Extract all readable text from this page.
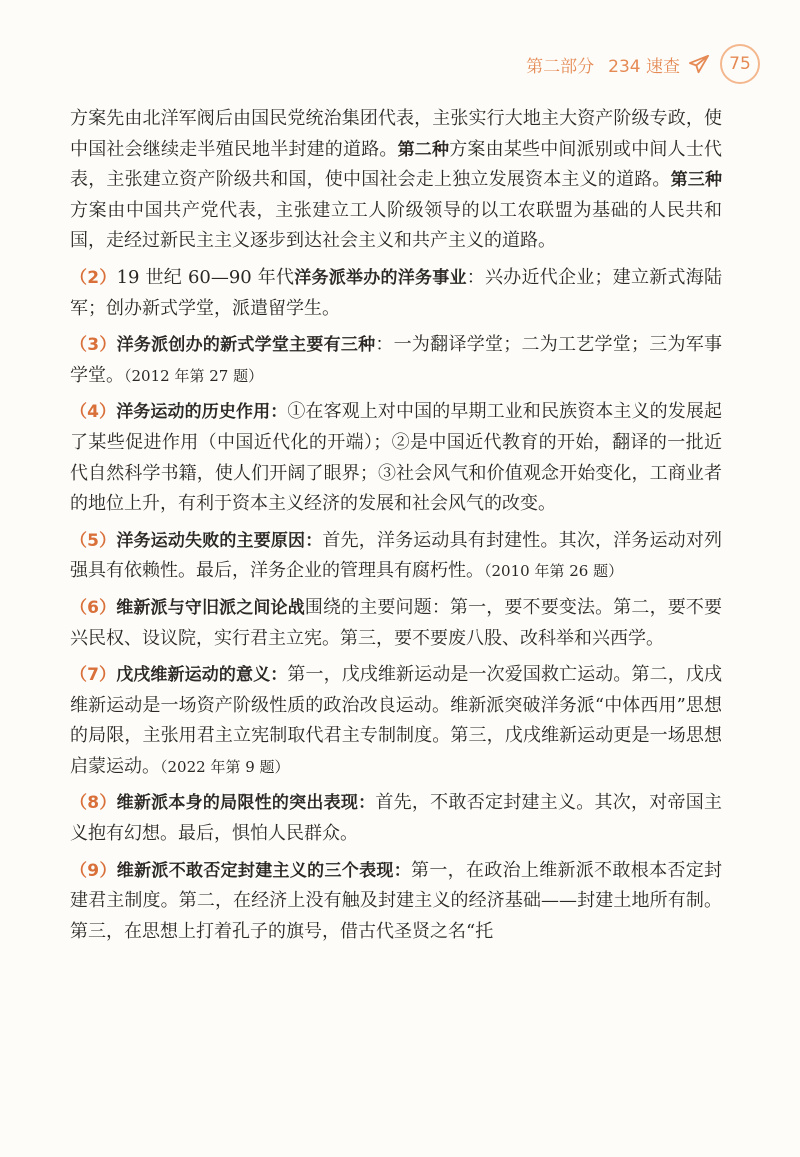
第二部分 234 速查	75

方案先由北洋军阀后由国民党统治集团代表，主张实行大地主大资产阶级专政，使中国社会继续走半殖民地半封建的道路。第二种方案由某些中间派别或中间人士代表，主张建立资产阶级共和国，使中国社会走上独立发展资本主义的道路。第三种方案由中国共产党代表，主张建立工人阶级领导的以工农联盟为基础的人民共和国，走经过新民主主义逐步到达社会主义和共产主义的道路。

（2）19 世纪 60—90 年代洋务派举办的洋务事业：兴办近代企业；建立新式海陆军；创办新式学堂，派遣留学生。

（3）洋务派创办的新式学堂主要有三种：一为翻译学堂；二为工艺学堂；三为军事学堂。（2012 年第 27 题）

（4）洋务运动的历史作用：①在客观上对中国的早期工业和民族资本主义的发展起了某些促进作用（中国近代化的开端）；②是中国近代教育的开始，翻译的一批近代自然科学书籍，使人们开阔了眼界；③社会风气和价值观念开始变化，工商业者的地位上升，有利于资本主义经济的发展和社会风气的改变。

（5）洋务运动失败的主要原因：首先，洋务运动具有封建性。其次，洋务运动对列强具有依赖性。最后，洋务企业的管理具有腐朽性。（2010 年第 26 题）

（6）维新派与守旧派之间论战围绕的主要问题：第一，要不要变法。第二，要不要兴民权、设议院，实行君主立宪。第三，要不要废八股、改科举和兴西学。

（7）戊戌维新运动的意义：第一，戊戌维新运动是一次爱国救亡运动。第二，戊戌维新运动是一场资产阶级性质的政治改良运动。维新派突破洋务派“中体西用”思想的局限，主张用君主立宪制取代君主专制制度。第三，戊戌维新运动更是一场思想启蒙运动。（2022 年第 9 题）

（8）维新派本身的局限性的突出表现：首先，不敢否定封建主义。其次，对帝国主义抱有幻想。最后，惧怕人民群众。

（9）维新派不敢否定封建主义的三个表现：第一，在政治上维新派不敢根本否定封建君主制度。第二，在经济上没有触及封建主义的经济基础——封建土地所有制。第三，在思想上打着孔子的旗号，借古代圣贤之名“托
